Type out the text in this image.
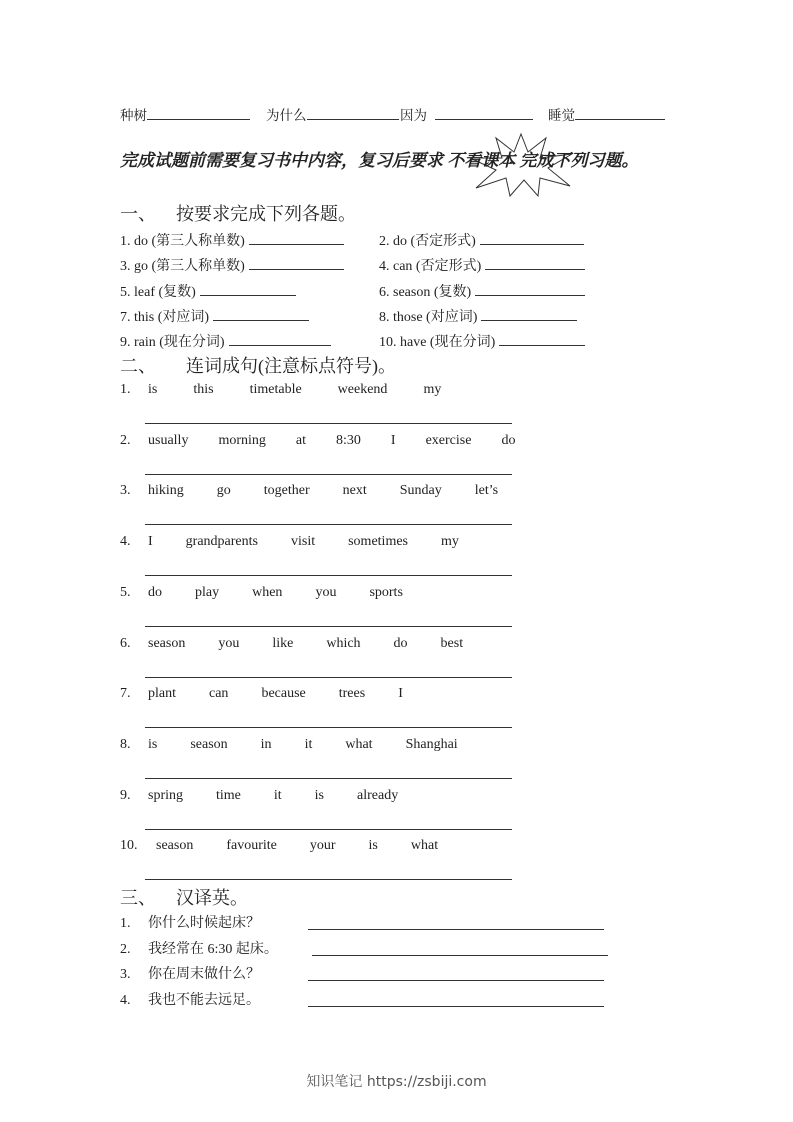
种树	为什么	因为	睡觉
完成试题前需要复习书中内容，复习后要求 不看课本 完成下列习题。
一、 按要求完成下列各题。
1. do (第三人称单数)	2. do (否定形式)
3. go (第三人称单数)	4. can (否定形式)
5. leaf (复数)	6. season (复数)
7. this (对应词)	8. those (对应词)
9. rain (现在分词)	10. have (现在分词)
二、 连词成句(注意标点符号)。
1. is	this	timetable	weekend	my
2. usually morning at 8:30 I exercise do
3. hiking go together next Sunday let’s
4. I grandparents visit sometimes my
5. do play when you sports
6. season you like which do best
7. plant can because trees I
8. is season in it what Shanghai
9. spring time it is already
10. season favourite your is what
三、 汉译英。
1. 你什么时候起床？
2. 我经常在 6:30 起床。
3. 你在周末做什么？
4. 我也不能去远足。
知识笔记 https://zsbiji.com
